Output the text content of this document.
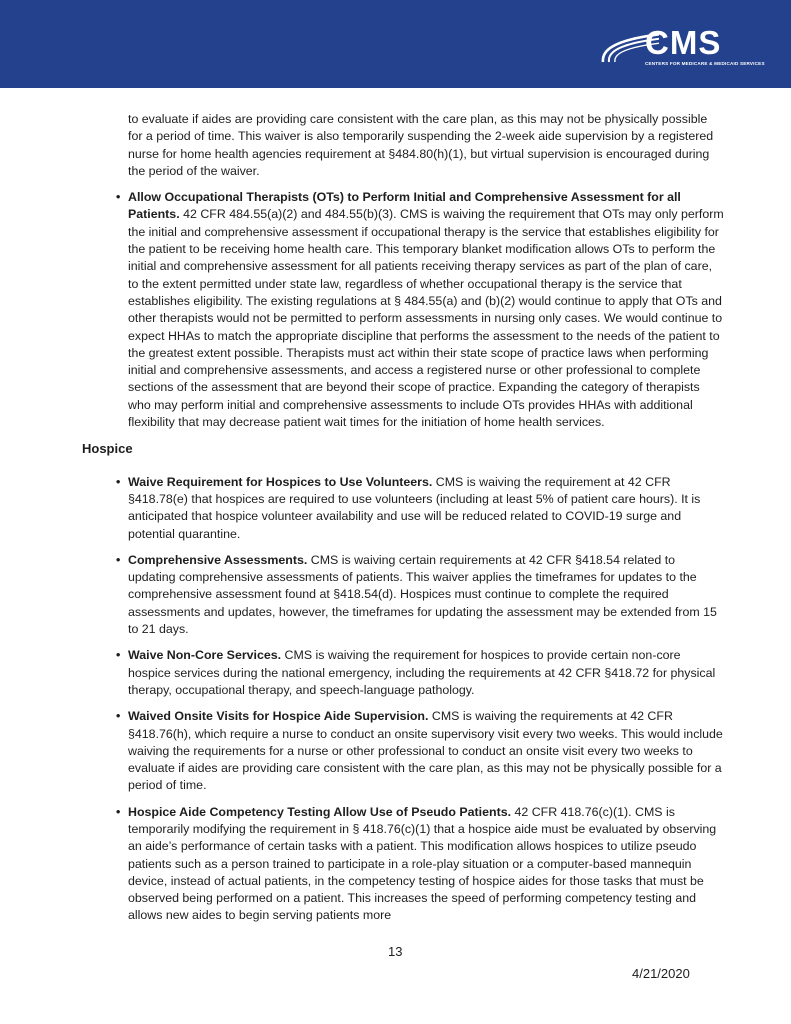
CMS
CENTERS FOR MEDICARE & MEDICAID SERVICES

to evaluate if aides are providing care consistent with the care plan, as this may not be physically possible for a period of time. This waiver is also temporarily suspending the 2-week aide supervision by a registered nurse for home health agencies requirement at §484.80(h)(1), but virtual supervision is encouraged during the period of the waiver.

• Allow Occupational Therapists (OTs) to Perform Initial and Comprehensive Assessment for all Patients. 42 CFR 484.55(a)(2) and 484.55(b)(3). CMS is waiving the requirement that OTs may only perform the initial and comprehensive assessment if occupational therapy is the service that establishes eligibility for the patient to be receiving home health care. This temporary blanket modification allows OTs to perform the initial and comprehensive assessment for all patients receiving therapy services as part of the plan of care, to the extent permitted under state law, regardless of whether occupational therapy is the service that establishes eligibility. The existing regulations at § 484.55(a) and (b)(2) would continue to apply that OTs and other therapists would not be permitted to perform assessments in nursing only cases. We would continue to expect HHAs to match the appropriate discipline that performs the assessment to the needs of the patient to the greatest extent possible. Therapists must act within their state scope of practice laws when performing initial and comprehensive assessments, and access a registered nurse or other professional to complete sections of the assessment that are beyond their scope of practice. Expanding the category of therapists who may perform initial and comprehensive assessments to include OTs provides HHAs with additional flexibility that may decrease patient wait times for the initiation of home health services.

Hospice

• Waive Requirement for Hospices to Use Volunteers. CMS is waiving the requirement at 42 CFR §418.78(e) that hospices are required to use volunteers (including at least 5% of patient care hours). It is anticipated that hospice volunteer availability and use will be reduced related to COVID-19 surge and potential quarantine.
• Comprehensive Assessments. CMS is waiving certain requirements at 42 CFR §418.54 related to updating comprehensive assessments of patients. This waiver applies the timeframes for updates to the comprehensive assessment found at §418.54(d). Hospices must continue to complete the required assessments and updates, however, the timeframes for updating the assessment may be extended from 15 to 21 days.
• Waive Non-Core Services. CMS is waiving the requirement for hospices to provide certain non-core hospice services during the national emergency, including the requirements at 42 CFR §418.72 for physical therapy, occupational therapy, and speech-language pathology.
• Waived Onsite Visits for Hospice Aide Supervision. CMS is waiving the requirements at 42 CFR §418.76(h), which require a nurse to conduct an onsite supervisory visit every two weeks. This would include waiving the requirements for a nurse or other professional to conduct an onsite visit every two weeks to evaluate if aides are providing care consistent with the care plan, as this may not be physically possible for a period of time.
• Hospice Aide Competency Testing Allow Use of Pseudo Patients. 42 CFR 418.76(c)(1). CMS is temporarily modifying the requirement in § 418.76(c)(1) that a hospice aide must be evaluated by observing an aide’s performance of certain tasks with a patient. This modification allows hospices to utilize pseudo patients such as a person trained to participate in a role-play situation or a computer-based mannequin device, instead of actual patients, in the competency testing of hospice aides for those tasks that must be observed being performed on a patient. This increases the speed of performing competency testing and allows new aides to begin serving patients more
13
4/21/2020
